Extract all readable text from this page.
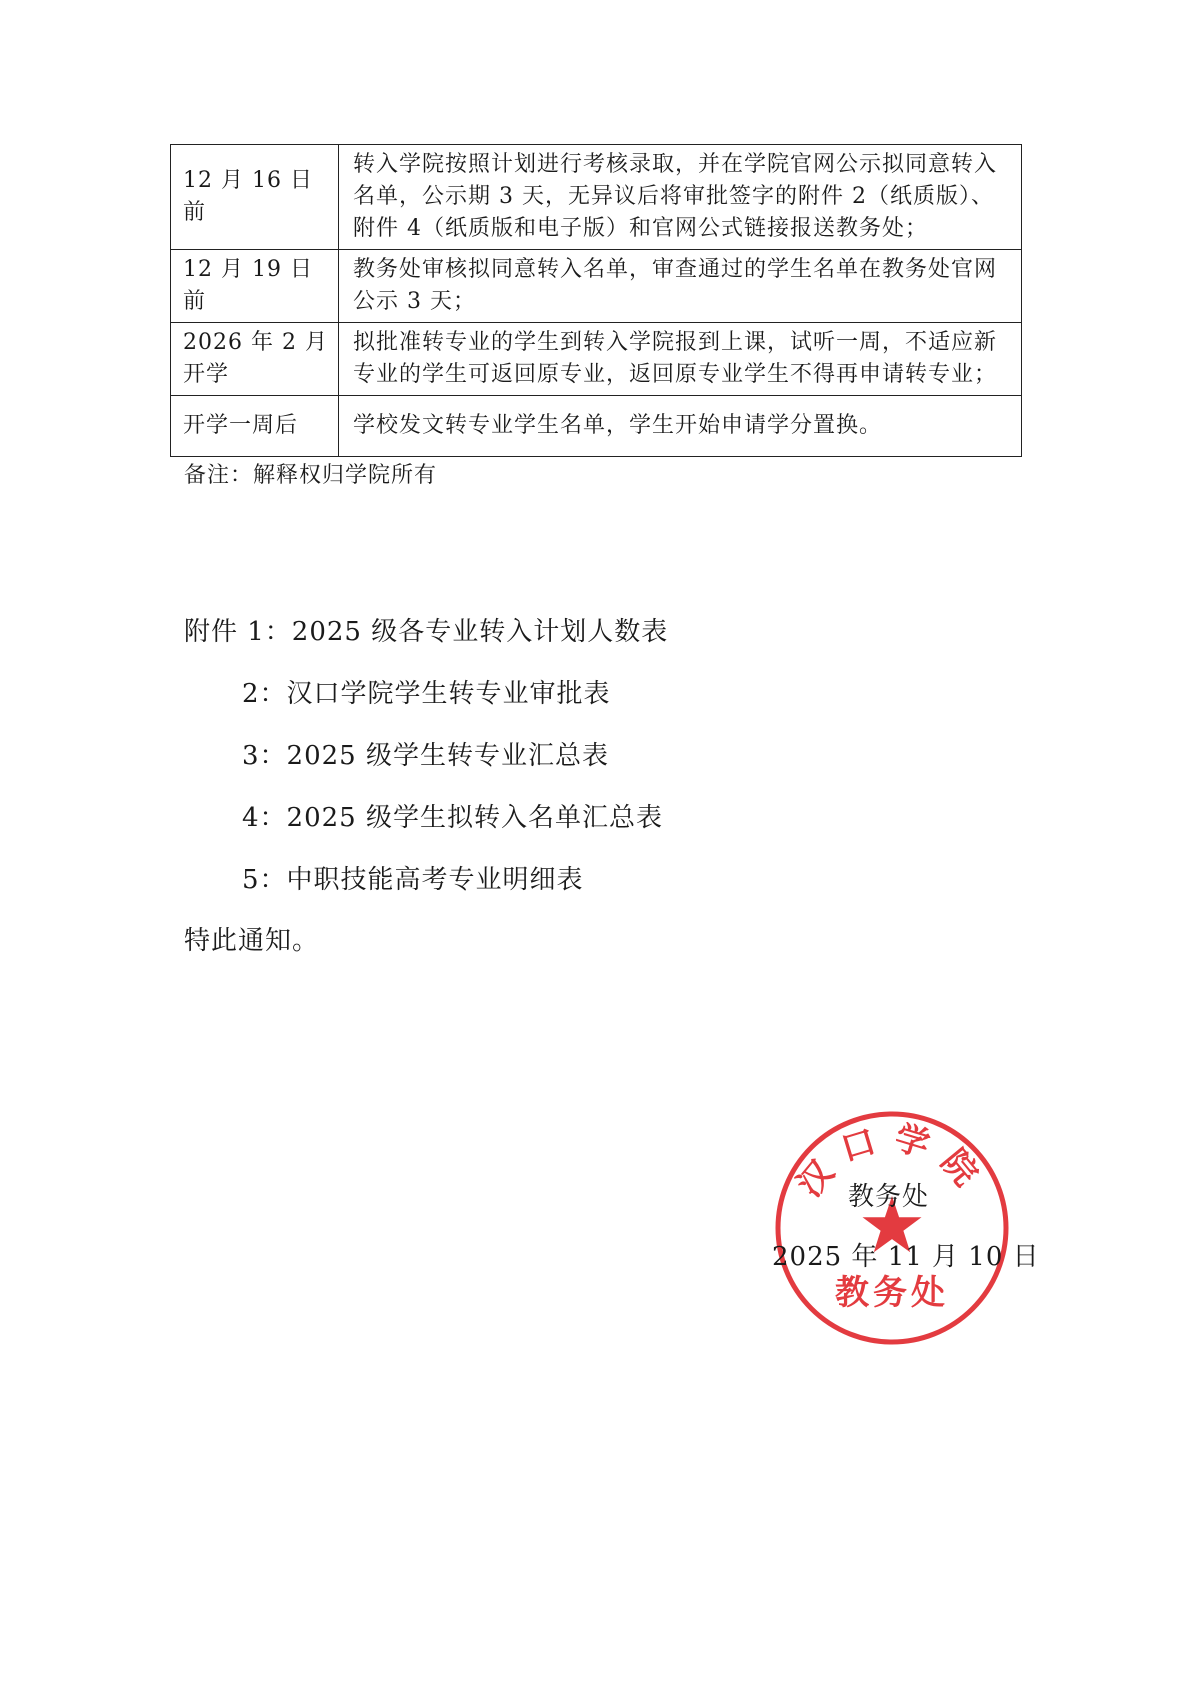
12 月 16 日前	转入学院按照计划进行考核录取，并在学院官网公示拟同意转入名单，公示期 3 天，无异议后将审批签字的附件 2（纸质版）、附件 4（纸质版和电子版）和官网公式链接报送教务处；
12 月 19 日前	教务处审核拟同意转入名单，审查通过的学生名单在教务处官网公示 3 天；
2026 年 2 月开学	拟批准转专业的学生到转入学院报到上课，试听一周，不适应新专业的学生可返回原专业，返回原专业学生不得再申请转专业；
开学一周后	学校发文转专业学生名单，学生开始申请学分置换。
备注：解释权归学院所有
附件 1：2025 级各专业转入计划人数表
2：汉口学院学生转专业审批表
3：2025 级学生转专业汇总表
4：2025 级学生拟转入名单汇总表
5：中职技能高考专业明细表
特此通知。
汉口学院
教务处
教务处
2025 年 11 月 10 日
